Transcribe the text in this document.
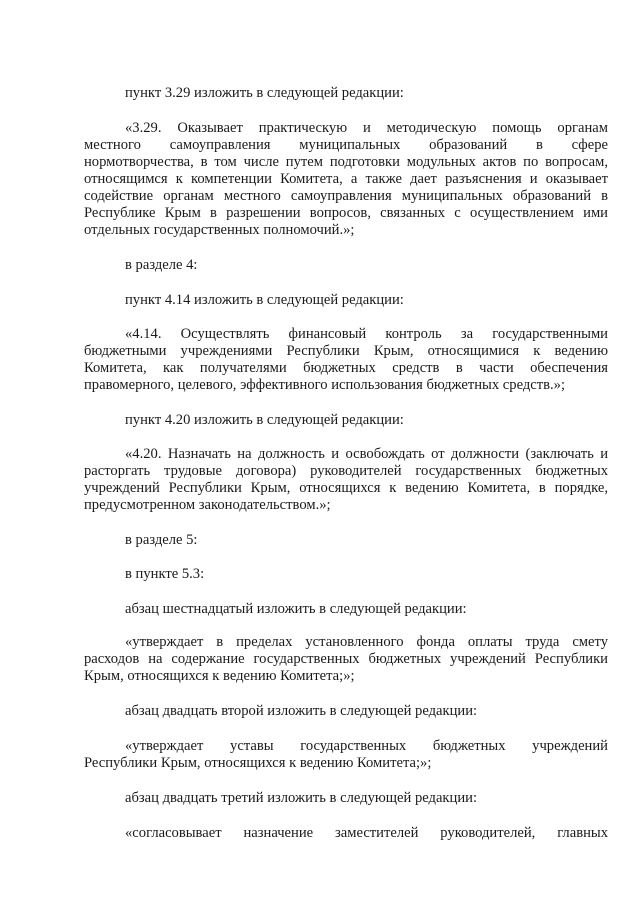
пункт 3.29 изложить в следующей редакции:
«3.29. Оказывает практическую и методическую помощь органам
местного самоуправления муниципальных образований в сфере
нормотворчества, в том числе путем подготовки модульных актов по вопросам,
относящимся к компетенции Комитета, а также дает разъяснения и оказывает
содействие органам местного самоуправления муниципальных образований в
Республике Крым в разрешении вопросов, связанных с осуществлением ими
отдельных государственных полномочий.»;
в разделе 4:
пункт 4.14 изложить в следующей редакции:
«4.14. Осуществлять финансовый контроль за государственными
бюджетными учреждениями Республики Крым, относящимися к ведению
Комитета, как получателями бюджетных средств в части обеспечения
правомерного, целевого, эффективного использования бюджетных средств.»;
пункт 4.20 изложить в следующей редакции:
«4.20. Назначать на должность и освобождать от должности (заключать и
расторгать трудовые договора) руководителей государственных бюджетных
учреждений Республики Крым, относящихся к ведению Комитета, в порядке,
предусмотренном законодательством.»;
в разделе 5:
в пункте 5.3:
абзац шестнадцатый изложить в следующей редакции:
«утверждает в пределах установленного фонда оплаты труда смету
расходов на содержание государственных бюджетных учреждений Республики
Крым, относящихся к ведению Комитета;»;
абзац двадцать второй изложить в следующей редакции:
«утверждает уставы государственных бюджетных учреждений
Республики Крым, относящихся к ведению Комитета;»;
абзац двадцать третий изложить в следующей редакции:
«согласовывает назначение заместителей руководителей, главных
